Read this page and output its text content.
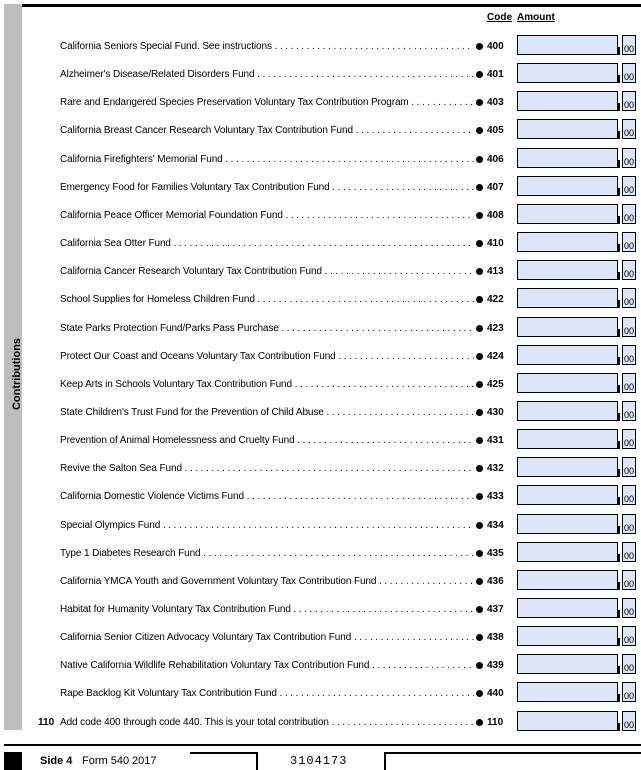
Contributions
Code Amount
California Seniors Special Fund. See instructions . . .	400	00
Alzheimer's Disease/Related Disorders Fund . . .	401	00
Rare and Endangered Species Preservation Voluntary Tax Contribution Program . . .	403	00
California Breast Cancer Research Voluntary Tax Contribution Fund . . .	405	00
California Firefighters' Memorial Fund . . .	406	00
Emergency Food for Families Voluntary Tax Contribution Fund . . .	407	00
California Peace Officer Memorial Foundation Fund . . .	408	00
California Sea Otter Fund . . .	410	00
California Cancer Research Voluntary Tax Contribution Fund . . .	413	00
School Supplies for Homeless Children Fund . . .	422	00
State Parks Protection Fund/Parks Pass Purchase . . .	423	00
Protect Our Coast and Oceans Voluntary Tax Contribution Fund . . .	424	00
Keep Arts in Schools Voluntary Tax Contribution Fund . . .	425	00
State Children's Trust Fund for the Prevention of Child Abuse . . .	430	00
Prevention of Animal Homelessness and Cruelty Fund . . .	431	00
Revive the Salton Sea Fund . . .	432	00
California Domestic Violence Victims Fund . . .	433	00
Special Olympics Fund . . .	434	00
Type 1 Diabetes Research Fund . . .	435	00
California YMCA Youth and Government Voluntary Tax Contribution Fund . . .	436	00
Habitat for Humanity Voluntary Tax Contribution Fund . . .	437	00
California Senior Citizen Advocacy Voluntary Tax Contribution Fund . . .	438	00
Native California Wildlife Rehabilitation Voluntary Tax Contribution Fund . . .	439	00
Rape Backlog Kit Voluntary Tax Contribution Fund . . .	440	00
110 Add code 400 through code 440. This is your total contribution . . .	110	00
Side 4 Form 540 2017	3104173
